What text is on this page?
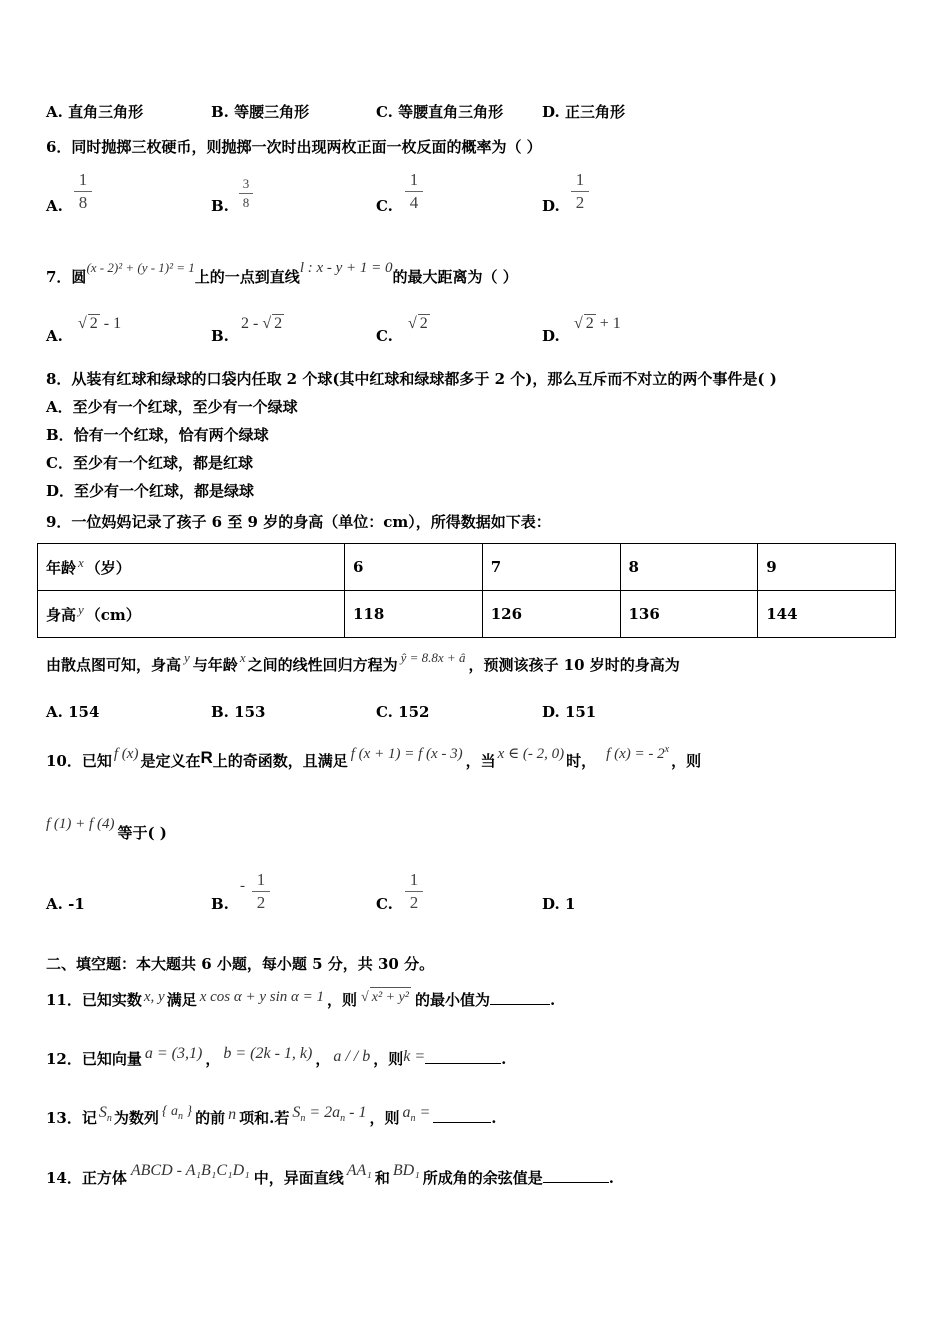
A. 直角三角形	B. 等腰三角形	C. 等腰直角三角形	D. 正三角形
6．同时抛掷三枚硬币，则抛掷一次时出现两枚正面一枚反面的概率为（ ）
A.
1
8	B.
3
8	C.
1
4	D.
1
2
7．圆(x - 2)² + (y - 1)² = 1上的一点到直线l : x - y + 1 = 0的最大距离为（ ）
A.
√ 2 - 1
B.
2 - √ 2
C.
√ 2
D.
√ 2 + 1
8．从装有红球和绿球的口袋内任取 2 个球(其中红球和绿球都多于 2 个)，那么互斥而不对立的两个事件是( )
A．至少有一个红球，至少有一个绿球
B．恰有一个红球，恰有两个绿球
C．至少有一个红球，都是红球
D．至少有一个红球，都是绿球
9．一位妈妈记录了孩子 6 至 9 岁的身高（单位：cm），所得数据如下表：
年龄 x （岁）	6	7	8	9
身高 y （cm）	118	126	136	144
由散点图可知，身高 y 与年龄 x 之间的线性回归方程为 ŷ = 8.8x + â ，预测该孩子 10 岁时的身高为
A. 154	B. 153	C. 152	D. 151
10．已知 f (x) 是定义在R上的奇函数，且满足 f (x + 1) = f (x - 3) ，当 x ∈ (- 2, 0) 时， f (x) = - 2$^x$，则
f (1) + f (4) 等于( )
A. -1	B.
- 1
2	C.
1
2	D. 1
二、填空题：本大题共 6 小题，每小题 5 分，共 30 分。
11．已知实数 x, y 满足 x cos α + y sin α = 1 ，则 √ x² + y² 的最小值为	.
12．已知向量 a = (3,1) ， b = (2k - 1, k) ， a / / b ，则k =	.
13．记 $S_n$ 为数列 { $a_n$ } 的前 n 项和.若 $S_n = 2a_n - 1$ ，则 $a_n$ =	.
14．正方体 ABCD - A₁B₁C₁D₁ 中，异面直线 AA₁ 和 BD₁ 所成角的余弦值是	.
